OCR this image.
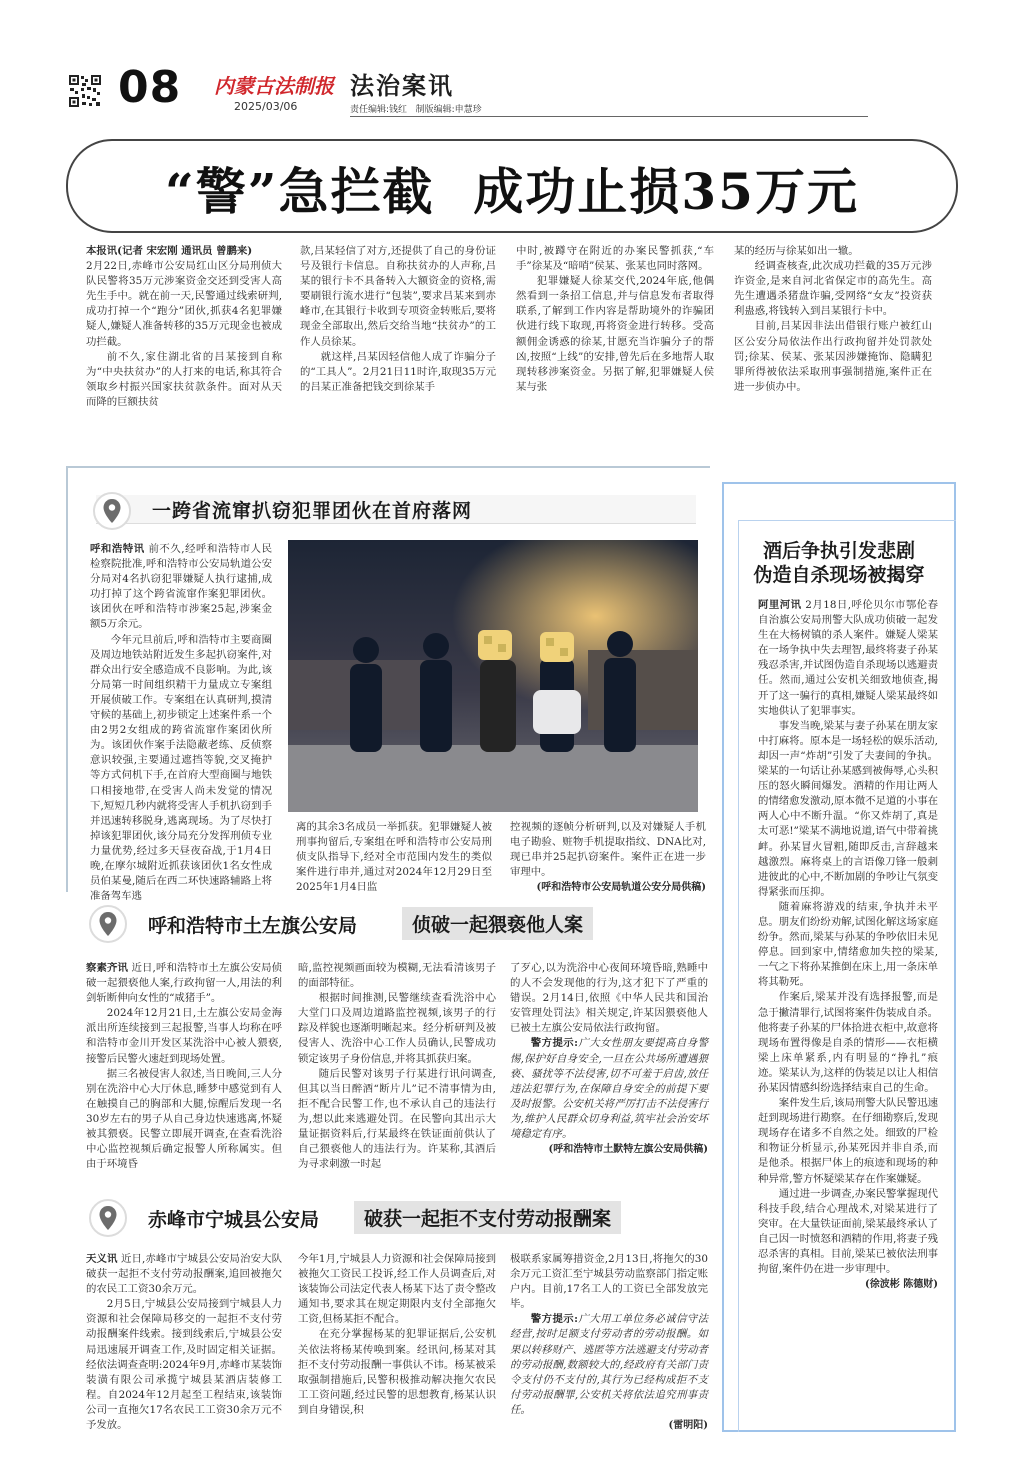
08 内蒙古法制报
2025/03/06
法治案讯
责任编辑:钱红   制版编辑:申慧珍
“警”急拦截  成功止损35万元

本报讯(记者 宋宏刚 通讯员 曾鹏来)

2月22日,赤峰市公安局红山区分局刑侦大队民警将35万元涉案资金交还到受害人高先生手中。就在前一天,民警通过线索研判,成功打掉一个“跑分”团伙,抓获4名犯罪嫌疑人,嫌疑人准备转移的35万元现金也被成功拦截。

前不久,家住湖北省的吕某接到自称为“中央扶贫办”的人打来的电话,称其符合领取乡村振兴国家扶贫款条件。面对从天而降的巨额扶贫

款,吕某轻信了对方,还提供了自己的身份证号及银行卡信息。自称扶贫办的人声称,吕某的银行卡不具备转入大额资金的资格,需要刷银行流水进行“包装”,要求吕某来到赤峰市,在其银行卡收到专项资金转账后,要将现金全部取出,然后交给当地“扶贫办”的工作人员徐某。

就这样,吕某因轻信他人成了诈骗分子的“工具人”。2月21日11时许,取现35万元的吕某正准备把钱交到徐某手

中时,被蹲守在附近的办案民警抓获,“车手”徐某及“暗哨”侯某、张某也同时落网。

犯罪嫌疑人徐某交代,2024年底,他偶然看到一条招工信息,并与信息发布者取得联系,了解到工作内容是帮助境外的诈骗团伙进行线下取现,再将资金进行转移。受高额佣金诱惑的徐某,甘愿充当诈骗分子的帮凶,按照“上线”的安排,曾先后在多地帮人取现转移涉案资金。另据了解,犯罪嫌疑人侯某与张

某的经历与徐某如出一辙。

经调查核查,此次成功拦截的35万元涉诈资金,是来自河北省保定市的高先生。高先生遭遇杀猪盘诈骗,受网络“女友”投资获利蛊惑,将钱转入到吕某银行卡中。

目前,吕某因非法出借银行账户被红山区公安分局依法作出行政拘留并处罚款处罚;徐某、侯某、张某因涉嫌掩饰、隐瞒犯罪所得被依法采取刑事强制措施,案件正在进一步侦办中。

一跨省流窜扒窃犯罪团伙在首府落网

呼和浩特讯 前不久,经呼和浩特市人民检察院批准,呼和浩特市公安局轨道公安分局对4名扒窃犯罪嫌疑人执行逮捕,成功打掉了这个跨省流窜作案犯罪团伙。该团伙在呼和浩特市涉案25起,涉案金额5万余元。

今年元旦前后,呼和浩特市主要商圈及周边地铁站附近发生多起扒窃案件,对群众出行安全感造成不良影响。为此,该分局第一时间组织精干力量成立专案组开展侦破工作。专案组在认真研判,摸清守候的基础上,初步锁定上述案件系一个由2男2女组成的跨省流窜作案团伙所为。该团伙作案手法隐蔽老练、反侦察意识较强,主要通过遮挡等貌,交叉掩护等方式伺机下手,在首府大型商圈与地铁口相接地带,在受害人尚未发觉的情况下,短短几秒内就将受害人手机扒窃到手并迅速转移脱身,逃离现场。为了尽快打掉该犯罪团伙,该分局充分发挥刑侦专业力量优势,经过多天昼夜奋战,于1月4日晚,在摩尔城附近抓获该团伙1名女性成员伯某曼,随后在西二环快速路辅路上将准备驾车逃

离的其余3名成员一举抓获。犯罪嫌疑人被刑事拘留后,专案组在呼和浩特市公安局刑侦支队指导下,经对全市范围内发生的类似案件进行串并,通过对2024年12月29日至2025年1月4日监

控视频的逐帧分析研判,以及对嫌疑人手机电子勘验、赃物手机提取指纹、DNA比对,现已串并25起扒窃案件。案件正在进一步审理中。

(呼和浩特市公安局轨道公安分局供稿)

呼和浩特市土左旗公安局	侦破一起猥亵他人案

察素齐讯 近日,呼和浩特市土左旗公安局侦破一起猥亵他人案,行政拘留一人,用法的利剑斩断伸向女性的“咸猪手”。

2024年12月21日,土左旗公安局金海派出所连续接到三起报警,当事人均称在呼和浩特市金川开发区某洗浴中心被人猥亵,接警后民警火速赶到现场处置。

据三名被侵害人叙述,当日晚间,三人分别在洗浴中心大厅休息,睡梦中感觉到有人在触摸自己的胸部和大腿,惊醒后发现一名30岁左右的男子从自己身边快速逃离,怀疑被其猥亵。民警立即展开调查,在查看洗浴中心监控视频后确定报警人所称属实。但由于环境昏

暗,监控视频画面较为模糊,无法看清该男子的面部特征。

根据时间推测,民警继续查看洗浴中心大堂门口及周边道路监控视频,该男子的行踪及样貌也逐渐明晰起来。经分析研判及被侵害人、洗浴中心工作人员确认,民警成功锁定该男子身份信息,并将其抓获归案。

随后民警对该男子行某进行讯问调查,但其以当日醉酒“断片儿”记不清事情为由,拒不配合民警工作,也不承认自己的违法行为,想以此来逃避处罚。在民警向其出示大量证据资料后,行某最终在铁证面前供认了自己猥亵他人的违法行为。许某称,其酒后为寻求刺激一时起

了歹心,以为洗浴中心夜间环境昏暗,熟睡中的人不会发现他的行为,这才犯下了严重的错误。2月14日,依照《中华人民共和国治安管理处罚法》相关规定,许某因猥亵他人已被土左旗公安局依法行政拘留。

警方提示:广大女性朋友要提高自身警惕,保护好自身安全,一旦在公共场所遭遇猥亵、骚扰等不法侵害,切不可羞于启齿,放任违法犯罪行为,在保障自身安全的前提下要及时报警。公安机关将严厉打击不法侵害行为,维护人民群众切身利益,筑牢社会治安坏境稳定有序。

(呼和浩特市土默特左旗公安局供稿)

赤峰市宁城县公安局	破获一起拒不支付劳动报酬案

天义讯 近日,赤峰市宁城县公安局治安大队破获一起拒不支付劳动报酬案,追回被拖欠的农民工工资30余万元。

2月5日,宁城县公安局接到宁城县人力资源和社会保障局移交的一起拒不支付劳动报酬案件线索。接到线索后,宁城县公安局迅速展开调查工作,及时固定相关证据。经依法调查查明:2024年9月,赤峰市某装饰装潢有限公司承揽宁城县某酒店装修工程。自2024年12月起至工程结束,该装饰公司一直拖欠17名农民工工资30余万元不予发放。

今年1月,宁城县人力资源和社会保障局接到被拖欠工资民工投诉,经工作人员调查后,对该装饰公司法定代表人杨某下达了责令整改通知书,要求其在规定期限内支付全部拖欠工资,但杨某拒不配合。

在充分掌握杨某的犯罪证据后,公安机关依法将杨某传唤到案。经讯问,杨某对其拒不支付劳动报酬一事供认不讳。杨某被采取强制措施后,民警积极推动解决拖欠农民工工资问题,经过民警的思想教育,杨某认识到自身错误,积

极联系家属筹措资金,2月13日,将拖欠的30余万元工资汇至宁城县劳动监察部门指定账户内。目前,17名工人的工资已全部发放完毕。

警方提示:广大用工单位务必诚信守法经营,按时足额支付劳动者的劳动报酬。如果以转移财产、逃匿等方法逃避支付劳动者的劳动报酬,数额较大的,经政府有关部门责令支付仍不支付的,其行为已经构成拒不支付劳动报酬罪,公安机关将依法追究刑事责任。

(雷明阳)

酒后争执引发悲剧
伪造自杀现场被揭穿

阿里河讯 2月18日,呼伦贝尔市鄂伦春自治旗公安局刑警大队成功侦破一起发生在大杨树镇的杀人案件。嫌疑人梁某在一场争执中失去理智,最终将妻子孙某残忍杀害,并试图伪造自杀现场以逃避责任。然而,通过公安机关细致地侦查,揭开了这一骗行的真相,嫌疑人梁某最终如实地供认了犯罪事实。

事发当晚,梁某与妻子孙某在朋友家中打麻将。原本是一场轻松的娱乐活动,却因一声“炸胡”引发了夫妻间的争执。梁某的一句话让孙某感到被侮辱,心头积压的怒火瞬间爆发。酒精的作用让两人的情绪愈发激动,原本微不足道的小事在两人心中不断升温。“你又炸胡了,真是太可恶!”梁某不满地说道,语气中带着挑衅。孙某冒火冒粗,随即反击,言辞越来越激烈。麻将桌上的言语像刀锋一般刺进彼此的心中,不断加剧的争吵让气氛变得紧张而压抑。

随着麻将游戏的结束,争执并未平息。朋友们纷纷劝解,试图化解这场家庭纷争。然而,梁某与孙某的争吵依旧未见停息。回到家中,情绪愈加失控的梁某,一气之下将孙某推倒在床上,用一条床单将其勒死。

作案后,梁某并没有选择报警,而是急于撇清罪行,试图将案件伪装成自杀。他将妻子孙某的尸体拾进衣柜中,故意将现场布置得像是自杀的情形——衣柜横梁上床单紧系,内有明显的“挣扎”痕迹。梁某认为,这样的伪装足以让人相信孙某因情感纠纷选择结束自己的生命。

案件发生后,该局刑警大队民警迅速赶到现场进行勘察。在仔细勘察后,发现现场存在诸多不自然之处。细致的尸检和物证分析显示,孙某死因并非自杀,而是他杀。根据尸体上的痕迹和现场的种种异常,警方怀疑梁某存在作案嫌疑。

通过进一步调查,办案民警掌握现代科技手段,结合心理战术,对梁某进行了突审。在大量铁证面前,梁某最终承认了自己因一时愤怒和酒精的作用,将妻子残忍杀害的真相。目前,梁某已被依法刑事拘留,案件仍在进一步审理中。

(徐波彬 陈德财)
